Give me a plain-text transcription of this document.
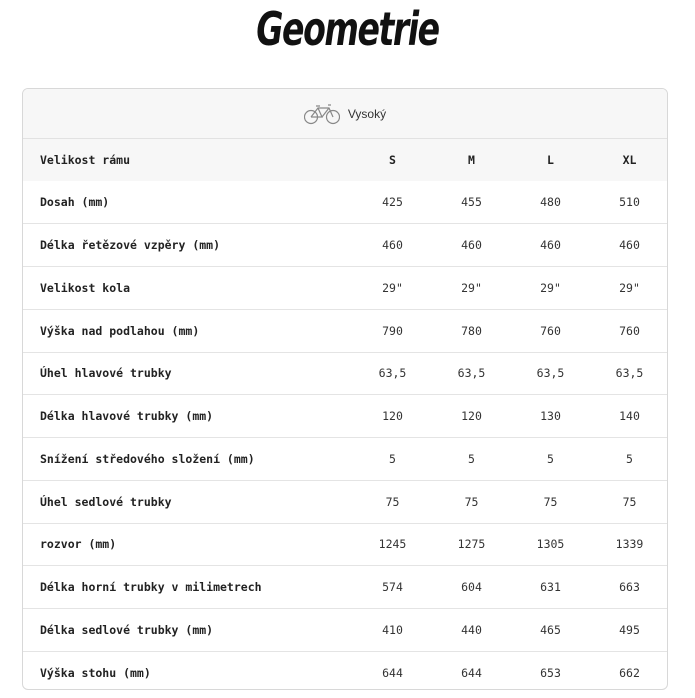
Geometrie
Vysoký
Velikost rámu	S	M	L	XL
Dosah (mm)	425	455	480	510
Délka řetězové vzpěry (mm)	460	460	460	460
Velikost kola	29"	29"	29"	29"
Výška nad podlahou (mm)	790	780	760	760
Úhel hlavové trubky	63,5	63,5	63,5	63,5
Délka hlavové trubky (mm)	120	120	130	140
Snížení středového složení (mm)	5	5	5	5
Úhel sedlové trubky	75	75	75	75
rozvor (mm)	1245	1275	1305	1339
Délka horní trubky v milimetrech	574	604	631	663
Délka sedlové trubky (mm)	410	440	465	495
Výška stohu (mm)	644	644	653	662
